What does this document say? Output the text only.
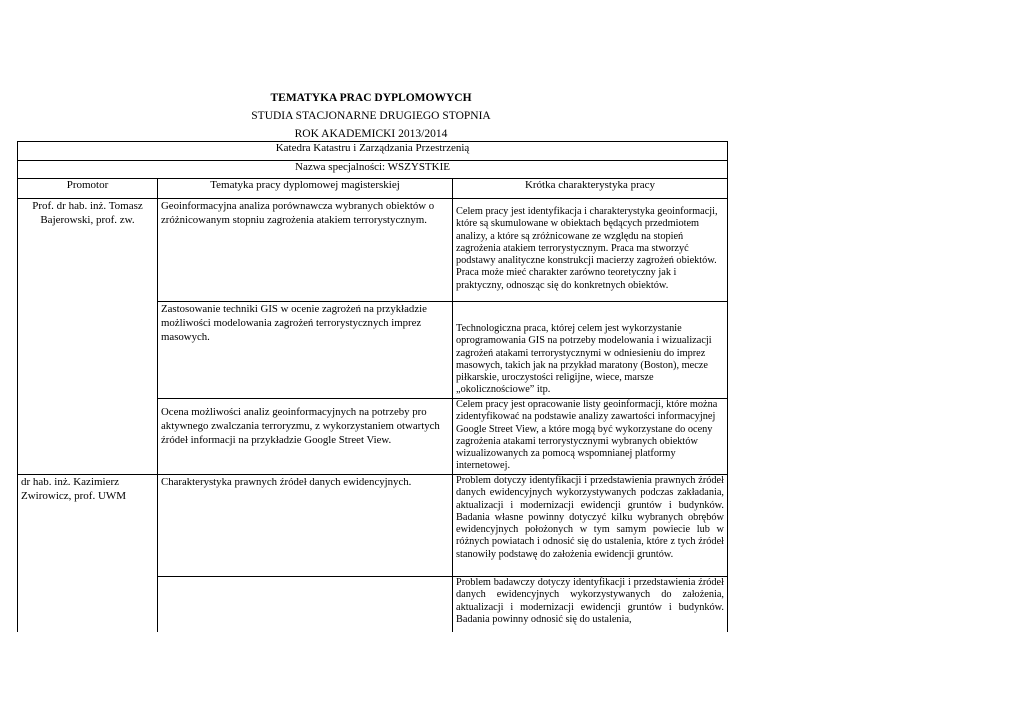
TEMATYKA PRAC DYPLOMOWYCH
STUDIA STACJONARNE DRUGIEGO STOPNIA
ROK AKADEMICKI 2013/2014
Katedra Katastru i Zarządzania Przestrzenią		
Nazwa specjalności: WSZYSTKIE		
Promotor	Tematyka pracy dyplomowej magisterskiej	Krótka charakterystyka pracy
Prof. dr hab. inż. Tomasz Bajerowski, prof. zw.	Geoinformacyjna analiza porównawcza wybranych obiektów o zróżnicowanym stopniu zagrożenia atakiem terrorystycznym.	Celem pracy jest identyfikacja i charakterystyka geoinformacji, które są skumulowane w obiektach będących przedmiotem analizy, a które są zróżnicowane ze względu na stopień zagrożenia atakiem terrorystycznym. Praca ma stworzyć podstawy analityczne konstrukcji macierzy zagrożeń obiektów. Praca może mieć charakter zarówno teoretyczny jak i praktyczny, odnosząc się do konkretnych obiektów.
	Zastosowanie techniki GIS w ocenie zagrożeń na przykładzie możliwości modelowania zagrożeń terrorystycznych imprez masowych.	Technologiczna praca, której celem jest wykorzystanie oprogramowania GIS na potrzeby modelowania i wizualizacji zagrożeń atakami terrorystycznymi w odniesieniu do imprez masowych, takich jak na przykład maratony (Boston), mecze piłkarskie, uroczystości religijne, wiece, marsze „okolicznościowe” itp.
	Ocena możliwości analiz geoinformacyjnych na potrzeby pro aktywnego zwalczania terroryzmu, z wykorzystaniem otwartych źródeł informacji na przykładzie Google Street View.	Celem pracy jest opracowanie listy geoinformacji, które można zidentyfikować na podstawie analizy zawartości informacyjnej Google Street View, a które mogą być wykorzystane do oceny zagrożenia atakami terrorystycznymi wybranych obiektów wizualizowanych za pomocą wspomnianej platformy internetowej.
dr hab. inż. Kazimierz Zwirowicz, prof. UWM	Charakterystyka prawnych źródeł danych ewidencyjnych.	Problem dotyczy identyfikacji i przedstawienia prawnych źródeł danych ewidencyjnych wykorzystywanych podczas zakładania, aktualizacji i modernizacji ewidencji gruntów i budynków. Badania własne powinny dotyczyć kilku wybranych obrębów ewidencyjnych położonych w tym samym powiecie lub w różnych powiatach i odnosić się do ustalenia, które z tych źródeł stanowiły podstawę do założenia ewidencji gruntów.
		Problem badawczy dotyczy identyfikacji i przedstawienia źródeł danych ewidencyjnych wykorzystywanych do założenia, aktualizacji i modernizacji ewidencji gruntów i budynków. Badania powinny odnosić się do ustalenia,
